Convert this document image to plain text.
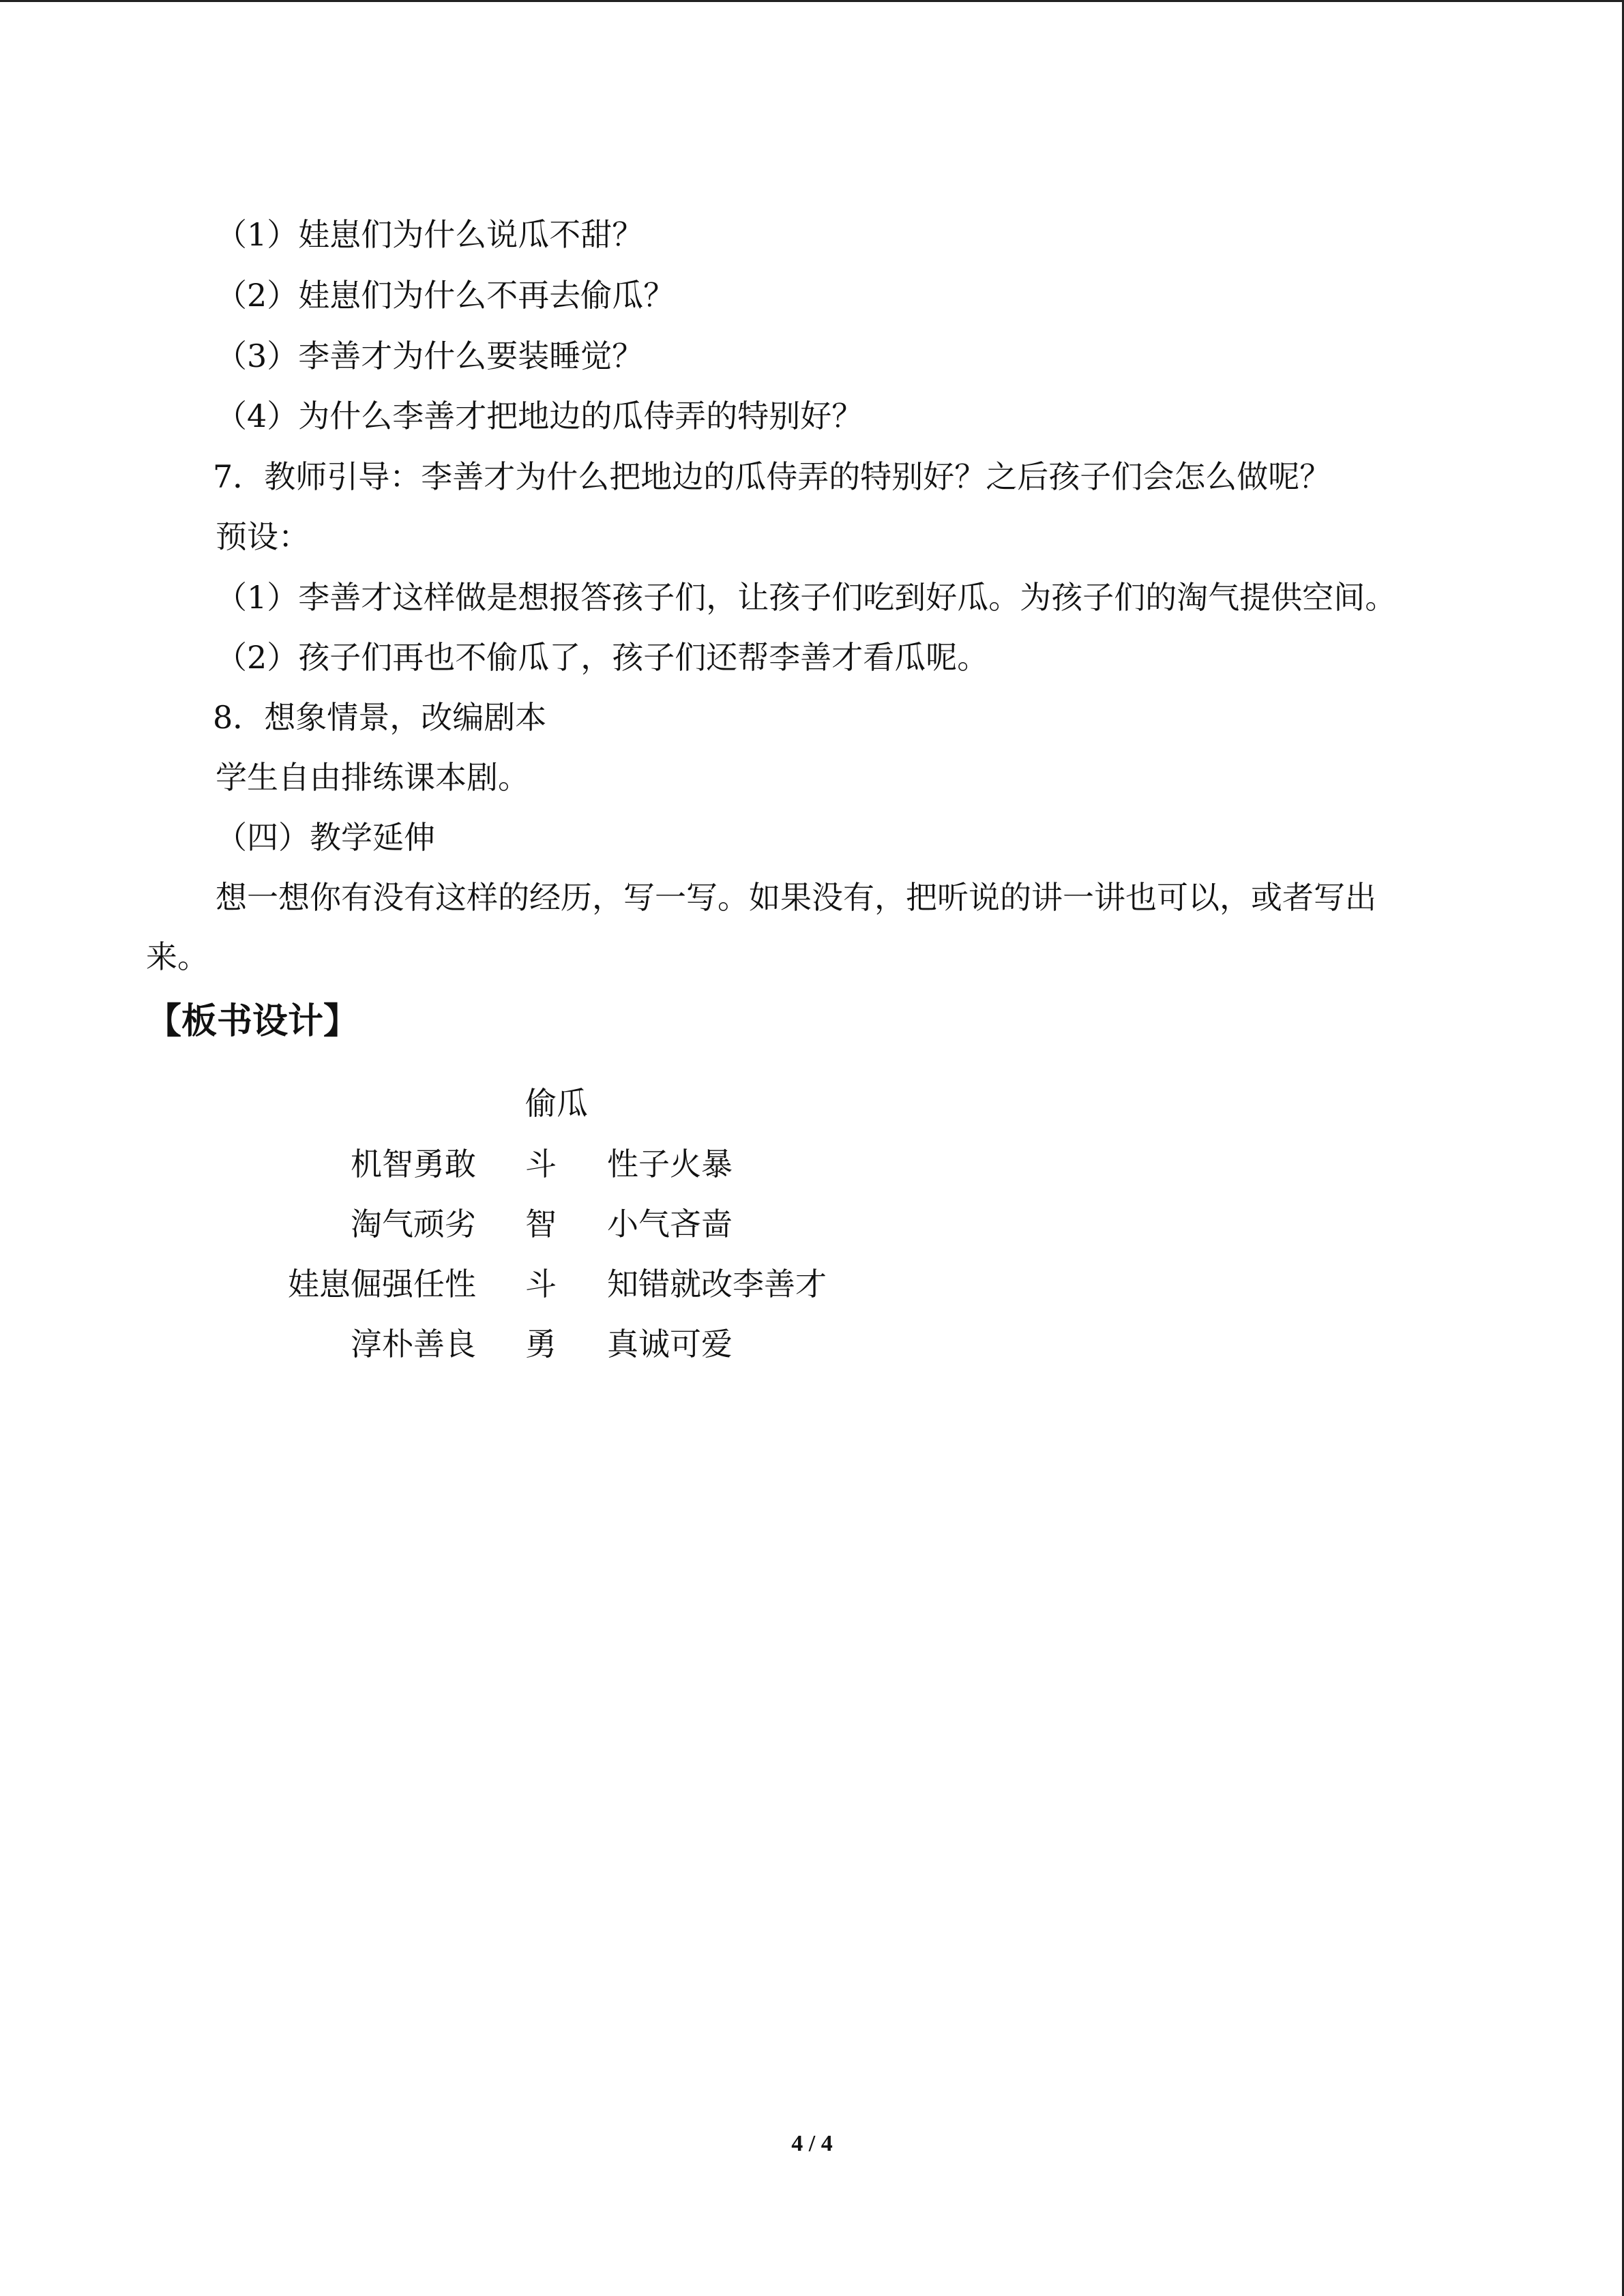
（1）娃崽们为什么说瓜不甜？
（2）娃崽们为什么不再去偷瓜？
（3）李善才为什么要装睡觉？
（4）为什么李善才把地边的瓜侍弄的特别好？
7．教师引导：李善才为什么把地边的瓜侍弄的特别好？之后孩子们会怎么做呢？
预设：
（1）李善才这样做是想报答孩子们，让孩子们吃到好瓜。为孩子们的淘气提供空间。
（2）孩子们再也不偷瓜了，孩子们还帮李善才看瓜呢。
8．想象情景，改编剧本
学生自由排练课本剧。
（四）教学延伸
想一想你有没有这样的经历，写一写。如果没有，把听说的讲一讲也可以，或者写出
来。
【板书设计】
偷瓜
机智勇敢 斗 性子火暴
淘气顽劣 智 小气吝啬
娃崽倔强任性 斗 知错就改李善才
淳朴善良 勇 真诚可爱
4 / 4
